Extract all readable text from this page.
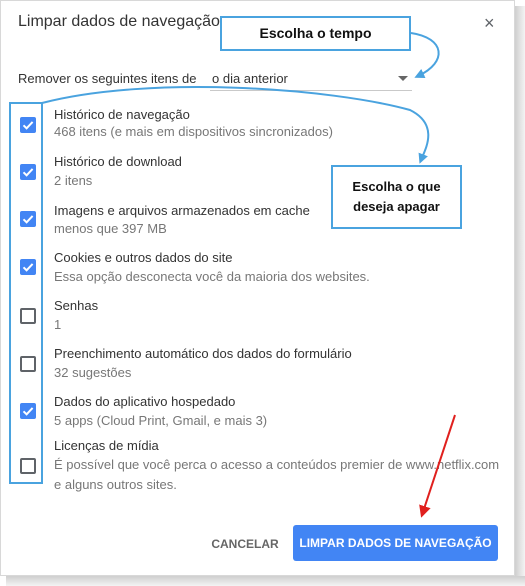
Limpar dados de navegação	×
Remover os seguintes itens de o dia anterior
Histórico de navegação
468 itens (e mais em dispositivos sincronizados)
Histórico de download
2 itens
Imagens e arquivos armazenados em cache
menos que 397 MB
Cookies e outros dados do site
Essa opção desconecta você da maioria dos websites.
Senhas
1
Preenchimento automático dos dados do formulário
32 sugestões
Dados do aplicativo hospedado
5 apps (Cloud Print, Gmail, e mais 3)
Licenças de mídia
É possível que você perca o acesso a conteúdos premier de www.netflix.com e alguns outros sites.
CANCELAR	LIMPAR DADOS DE NAVEGAÇÃO
Escolha o tempo
Escolha o que deseja apagar
